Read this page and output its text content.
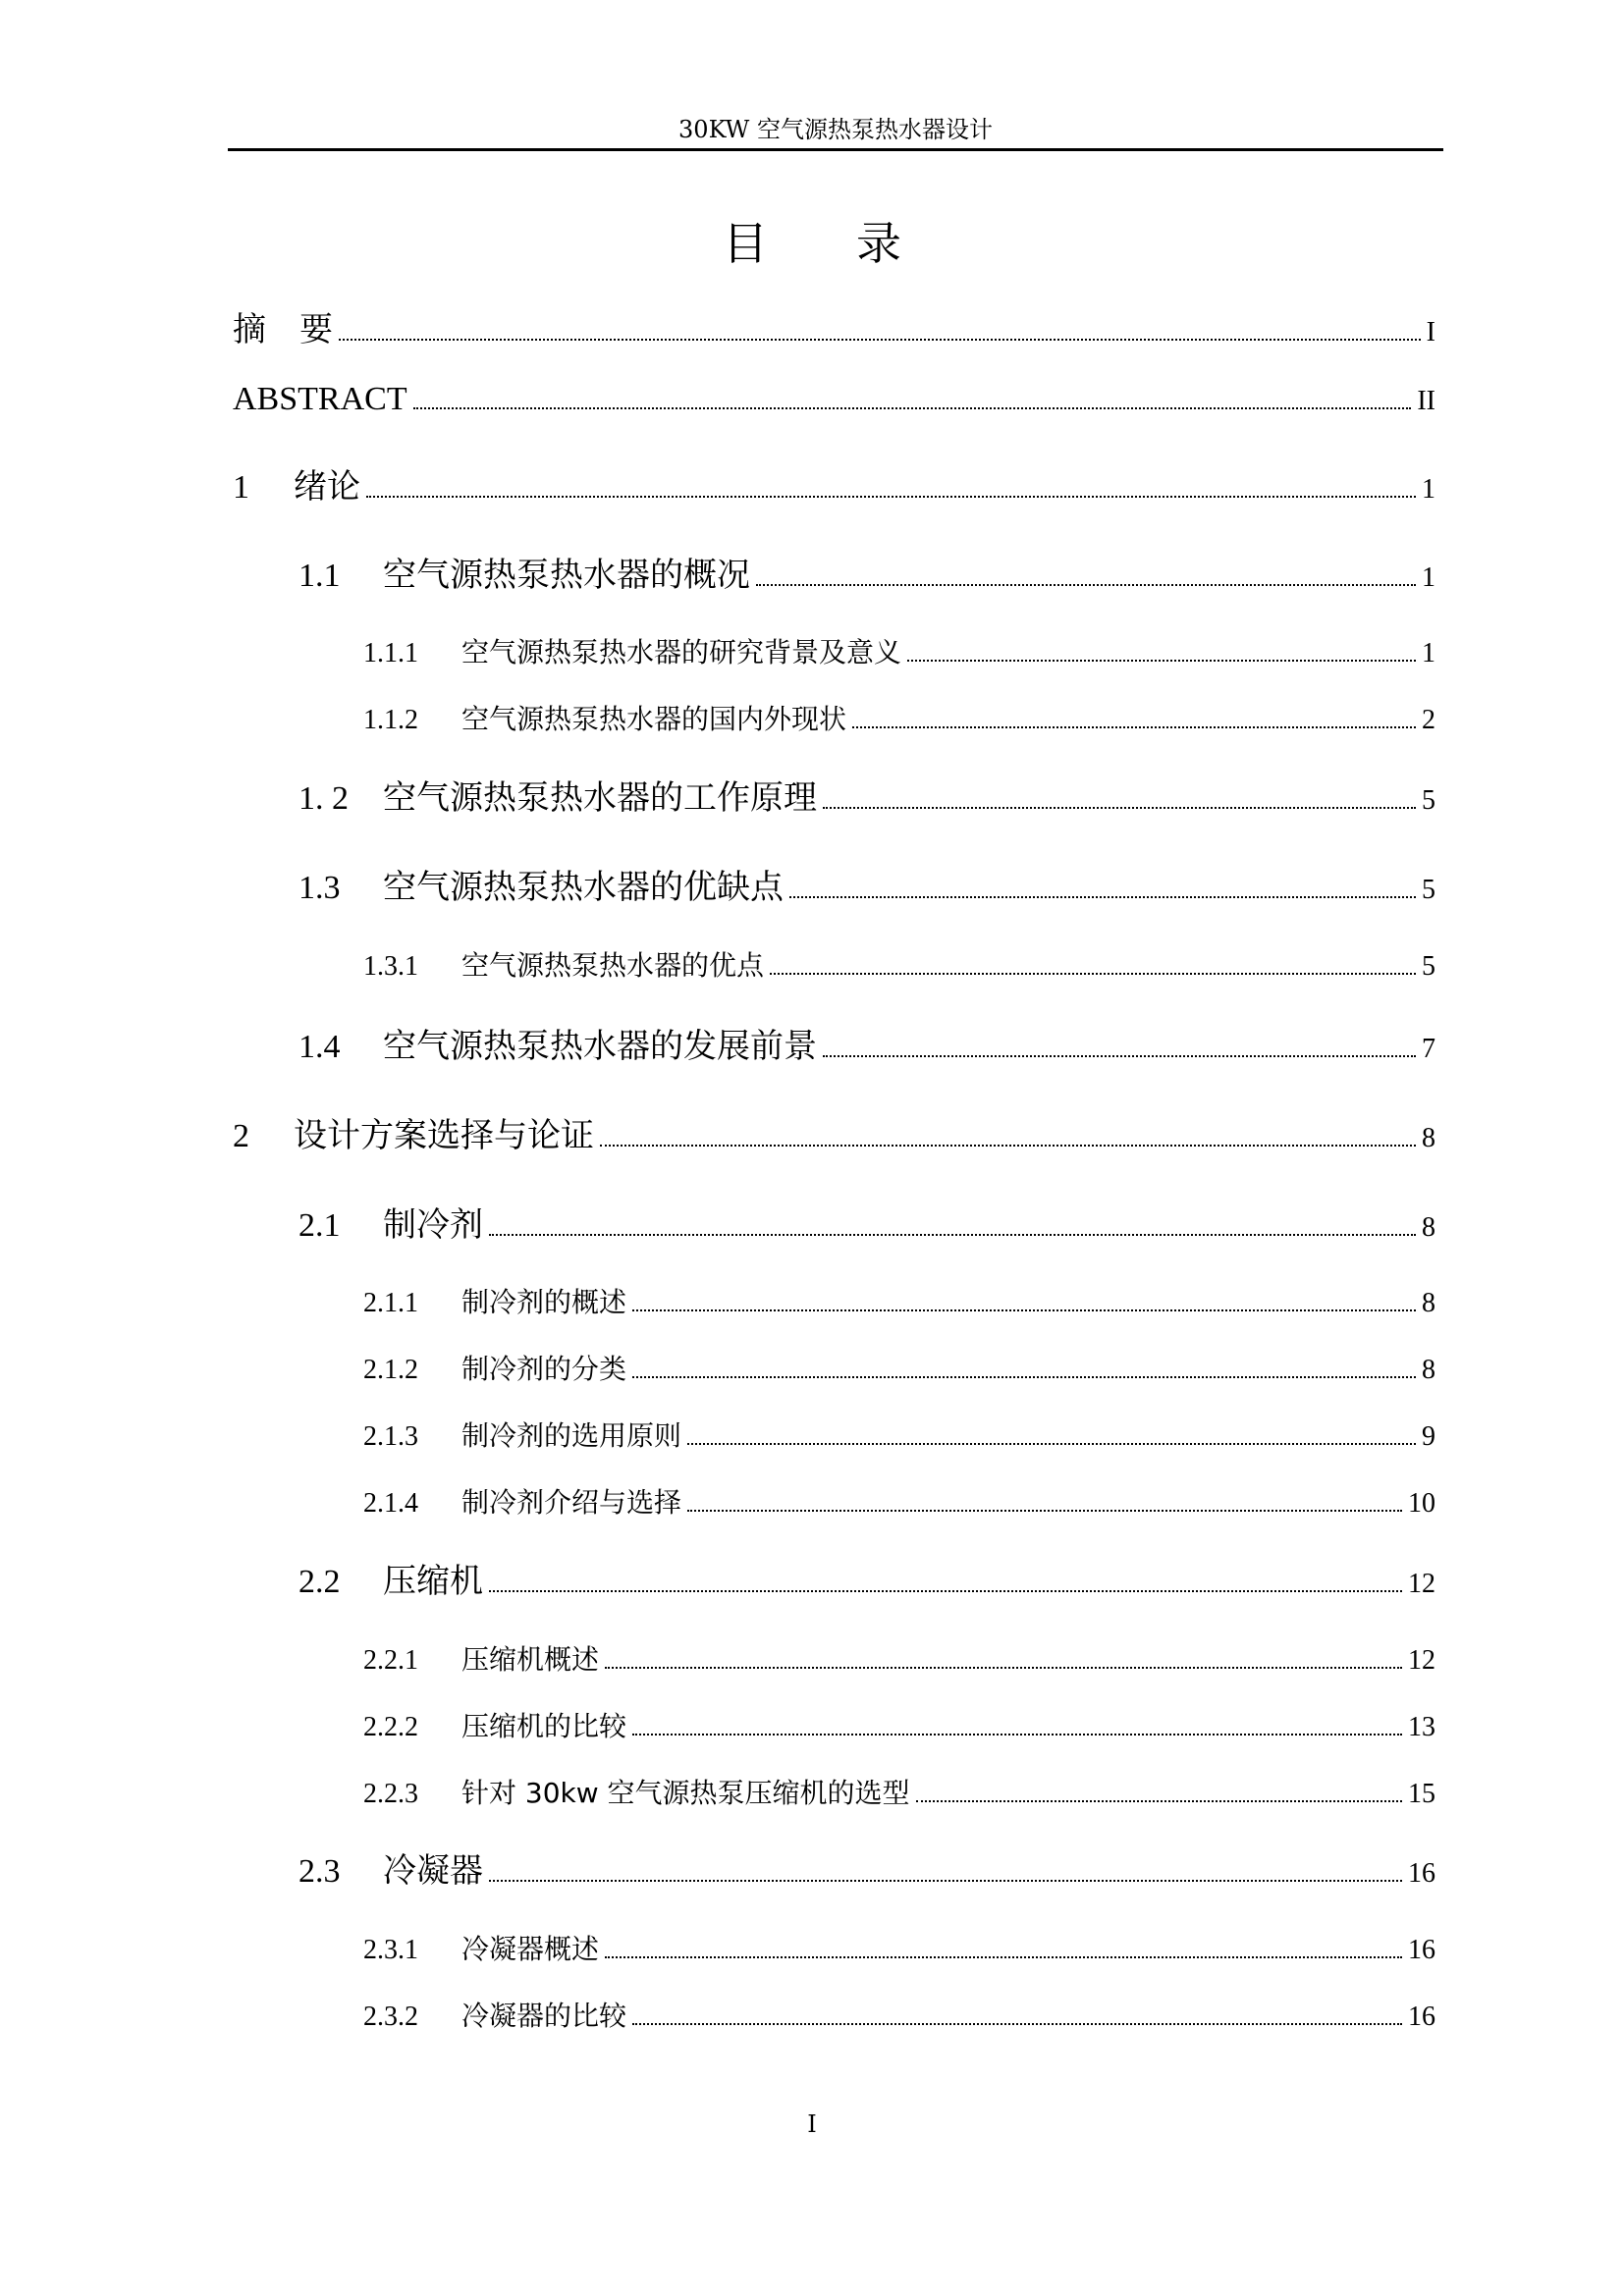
30KW 空气源热泵热水器设计
目录
摘　要	I
ABSTRACT	II
1	绪论	1
1.1	空气源热泵热水器的概况	1
1.1.1	空气源热泵热水器的研究背景及意义	1
1.1.2	空气源热泵热水器的国内外现状	2
1. 2	空气源热泵热水器的工作原理	5
1.3	空气源热泵热水器的优缺点	5
1.3.1	空气源热泵热水器的优点	5
1.4	空气源热泵热水器的发展前景	7
2	设计方案选择与论证	8
2.1	制冷剂	8
2.1.1	制冷剂的概述	8
2.1.2	制冷剂的分类	8
2.1.3	制冷剂的选用原则	9
2.1.4	制冷剂介绍与选择	10
2.2	压缩机	12
2.2.1	压缩机概述	12
2.2.2	压缩机的比较	13
2.2.3	针对 30kw 空气源热泵压缩机的选型	15
2.3	冷凝器	16
2.3.1	冷凝器概述	16
2.3.2	冷凝器的比较	16
I
